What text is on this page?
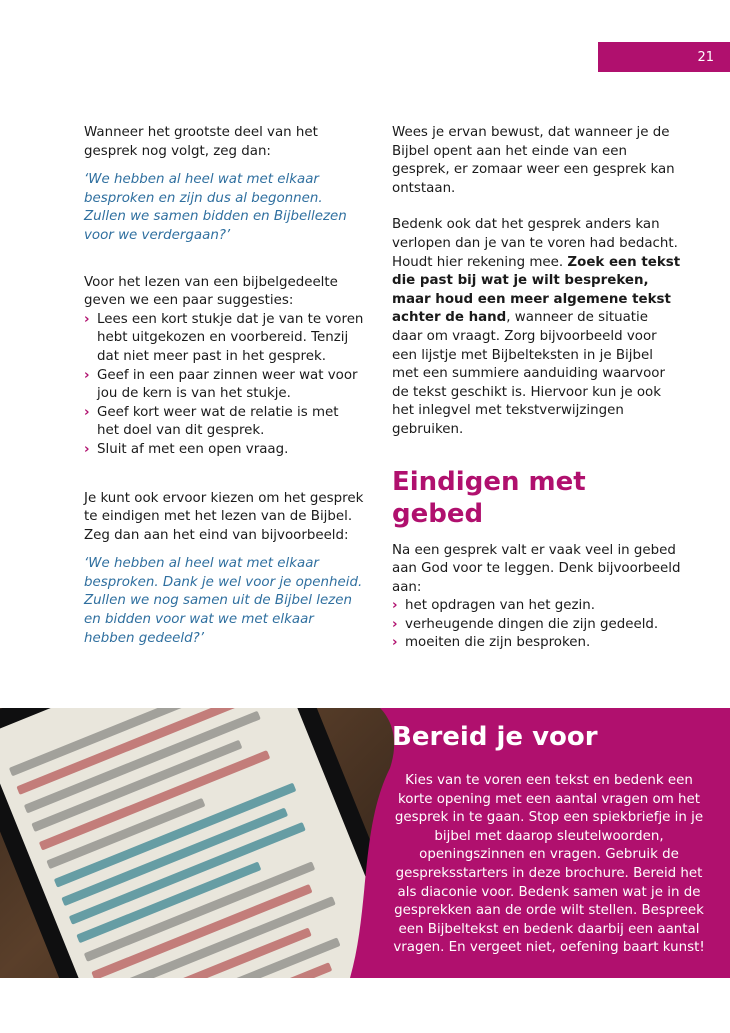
21

Wanneer het grootste deel van het gesprek nog volgt, zeg dan:

‘We hebben al heel wat met elkaar besproken en zijn dus al begonnen. Zullen we samen bidden en Bijbellezen voor we verdergaan?’

Voor het lezen van een bijbelgedeelte geven we een paar suggesties:

› Lees een kort stukje dat je van te voren hebt uitgekozen en voorbereid. Tenzij dat niet meer past in het gesprek.
› Geef in een paar zinnen weer wat voor jou de kern is van het stukje.
› Geef kort weer wat de relatie is met het doel van dit gesprek.
› Sluit af met een open vraag.

Je kunt ook ervoor kiezen om het gesprek te eindigen met het lezen van de Bijbel. Zeg dan aan het eind van bijvoorbeeld:

‘We hebben al heel wat met elkaar besproken. Dank je wel voor je openheid. Zullen we nog samen uit de Bijbel lezen en bidden voor wat we met elkaar hebben gedeeld?’

Wees je ervan bewust, dat wanneer je de Bijbel opent aan het einde van een gesprek, er zomaar weer een gesprek kan ontstaan.

Bedenk ook dat het gesprek anders kan verlopen dan je van te voren had bedacht. Houdt hier rekening mee. Zoek een tekst die past bij wat je wilt bespreken, maar houd een meer algemene tekst achter de hand, wanneer de situatie daar om vraagt. Zorg bijvoorbeeld voor een lijstje met Bijbelteksten in je Bijbel met een summiere aanduiding waarvoor de tekst geschikt is. Hiervoor kun je ook het inlegvel met tekstverwijzingen gebruiken.

Eindigen met gebed

Na een gesprek valt er vaak veel in gebed aan God voor te leggen. Denk bijvoorbeeld aan:

› het opdragen van het gezin.
› verheugende dingen die zijn gedeeld.
› moeiten die zijn besproken.
Bereid je voor

Kies van te voren een tekst en bedenk een korte opening met een aantal vragen om het gesprek in te gaan. Stop een spiekbriefje in je bijbel met daarop sleutelwoorden, openingszinnen en vragen. Gebruik de gespreksstarters in deze brochure. Bereid het als diaconie voor. Bedenk samen wat je in de gesprekken aan de orde wilt stellen. Bespreek een Bijbeltekst en bedenk daarbij een aantal vragen. En vergeet niet, oefening baart kunst!
